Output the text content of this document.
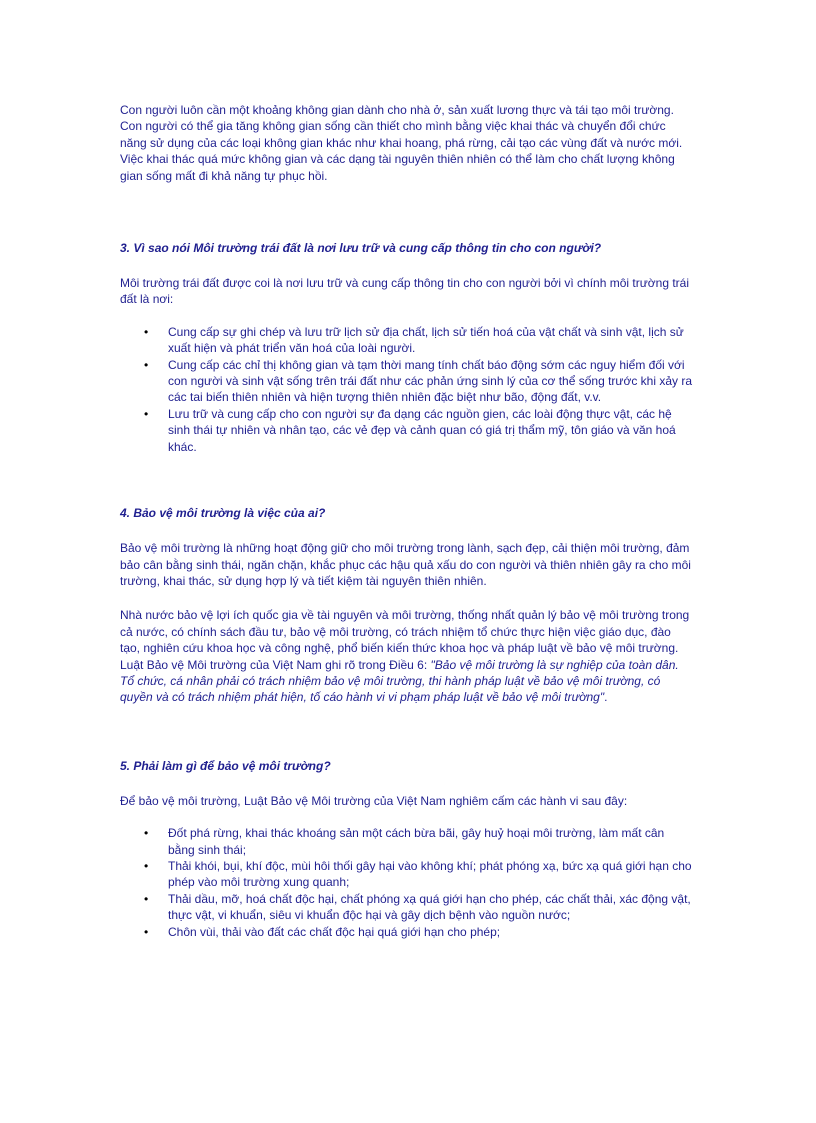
Con người luôn cần một khoảng không gian dành cho nhà ở, sản xuất lương thực và tái tạo môi trường. Con người có thể gia tăng không gian sống cần thiết cho mình bằng việc khai thác và chuyển đổi chức năng sử dụng của các loại không gian khác như khai hoang, phá rừng, cải tạo các vùng đất và nước mới. Việc khai thác quá mức không gian và các dạng tài nguyên thiên nhiên có thể làm cho chất lượng không gian sống mất đi khả năng tự phục hồi.

3. Vì sao nói Môi trường trái đất là nơi lưu trữ và cung cấp thông tin cho con người?

Môi trường trái đất được coi là nơi lưu trữ và cung cấp thông tin cho con người bởi vì chính môi trường trái đất là nơi:

• Cung cấp sự ghi chép và lưu trữ lịch sử địa chất, lịch sử tiến hoá của vật chất và sinh vật, lịch sử xuất hiện và phát triển văn hoá của loài người.
• Cung cấp các chỉ thị không gian và tạm thời mang tính chất báo động sớm các nguy hiểm đối với con người và sinh vật sống trên trái đất như các phản ứng sinh lý của cơ thể sống trước khi xảy ra các tai biến thiên nhiên và hiện tượng thiên nhiên đặc biệt như bão, động đất, v.v.
• Lưu trữ và cung cấp cho con người sự đa dạng các nguồn gien, các loài động thực vật, các hệ sinh thái tự nhiên và nhân tạo, các vẻ đẹp và cảnh quan có giá trị thẩm mỹ, tôn giáo và văn hoá khác.
4. Bảo vệ môi trường là việc của ai?

Bảo vệ môi trường là những hoạt động giữ cho môi trường trong lành, sạch đẹp, cải thiện môi trường, đảm bảo cân bằng sinh thái, ngăn chặn, khắc phục các hậu quả xấu do con người và thiên nhiên gây ra cho môi trường, khai thác, sử dụng hợp lý và tiết kiệm tài nguyên thiên nhiên.

Nhà nước bảo vệ lợi ích quốc gia về tài nguyên và môi trường, thống nhất quản lý bảo vệ môi trường trong cả nước, có chính sách đầu tư, bảo vệ môi trường, có trách nhiệm tổ chức thực hiện việc giáo dục, đào tạo, nghiên cứu khoa học và công nghệ, phổ biến kiến thức khoa học và pháp luật về bảo vệ môi trường. Luật Bảo vệ Môi trường của Việt Nam ghi rõ trong Điều 6: "Bảo vệ môi trường là sự nghiệp của toàn dân. Tổ chức, cá nhân phải có trách nhiệm bảo vệ môi trường, thi hành pháp luật về bảo vệ môi trường, có quyền và có trách nhiệm phát hiện, tố cáo hành vi vi phạm pháp luật về bảo vệ môi trường".

5. Phải làm gì để bảo vệ môi trường?

Để bảo vệ môi trường, Luật Bảo vệ Môi trường của Việt Nam nghiêm cấm các hành vi sau đây:

• Đốt phá rừng, khai thác khoáng sản một cách bừa bãi, gây huỷ hoại môi trường, làm mất cân bằng sinh thái;
• Thải khói, bụi, khí độc, mùi hôi thối gây hại vào không khí; phát phóng xạ, bức xạ quá giới hạn cho phép vào môi trường xung quanh;
• Thải dầu, mỡ, hoá chất độc hại, chất phóng xạ quá giới hạn cho phép, các chất thải, xác động vật, thực vật, vi khuẩn, siêu vi khuẩn độc hại và gây dịch bệnh vào nguồn nước;
• Chôn vùi, thải vào đất các chất độc hại quá giới hạn cho phép;
